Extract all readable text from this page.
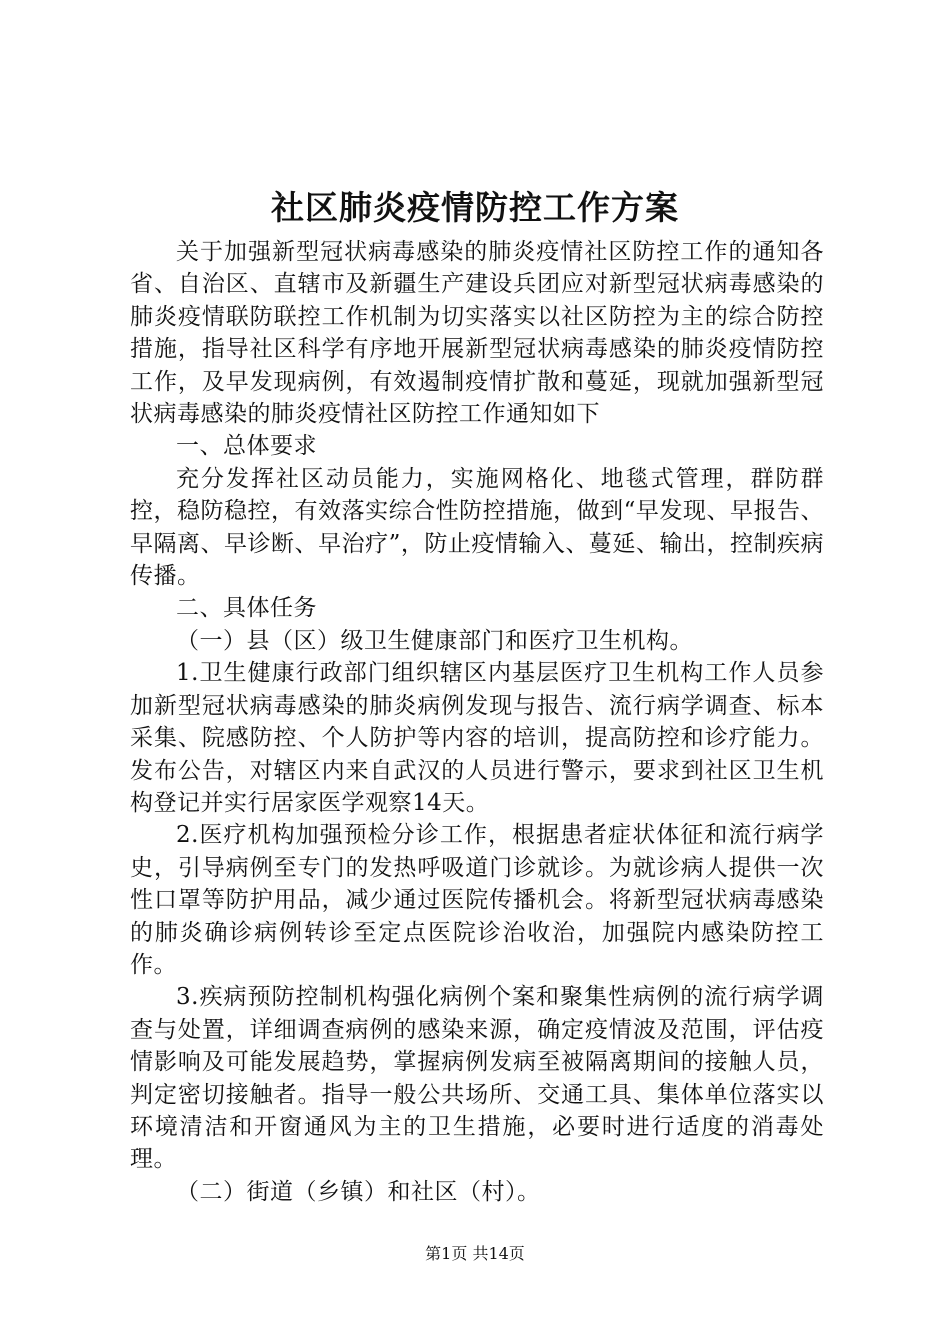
社区肺炎疫情防控工作方案

关于加强新型冠状病毒感染的肺炎疫情社区防控工作的通知各省、自治区、直辖市及新疆生产建设兵团应对新型冠状病毒感染的肺炎疫情联防联控工作机制为切实落实以社区防控为主的综合防控措施，指导社区科学有序地开展新型冠状病毒感染的肺炎疫情防控工作，及早发现病例，有效遏制疫情扩散和蔓延，现就加强新型冠状病毒感染的肺炎疫情社区防控工作通知如下

一、总体要求

充分发挥社区动员能力，实施网格化、地毯式管理，群防群控，稳防稳控，有效落实综合性防控措施，做到“早发现、早报告、早隔离、早诊断、早治疗”，防止疫情输入、蔓延、输出，控制疾病传播。

二、具体任务

（一）县（区）级卫生健康部门和医疗卫生机构。

1.卫生健康行政部门组织辖区内基层医疗卫生机构工作人员参加新型冠状病毒感染的肺炎病例发现与报告、流行病学调查、标本采集、院感防控、个人防护等内容的培训，提高防控和诊疗能力。发布公告，对辖区内来自武汉的人员进行警示，要求到社区卫生机构登记并实行居家医学观察14天。

2.医疗机构加强预检分诊工作，根据患者症状体征和流行病学史，引导病例至专门的发热呼吸道门诊就诊。为就诊病人提供一次性口罩等防护用品，减少通过医院传播机会。将新型冠状病毒感染的肺炎确诊病例转诊至定点医院诊治收治，加强院内感染防控工作。

3.疾病预防控制机构强化病例个案和聚集性病例的流行病学调查与处置，详细调查病例的感染来源，确定疫情波及范围，评估疫情影响及可能发展趋势，掌握病例发病至被隔离期间的接触人员，判定密切接触者。指导一般公共场所、交通工具、集体单位落实以环境清洁和开窗通风为主的卫生措施，必要时进行适度的消毒处理。

（二）街道（乡镇）和社区（村）。

第1页 共14页
